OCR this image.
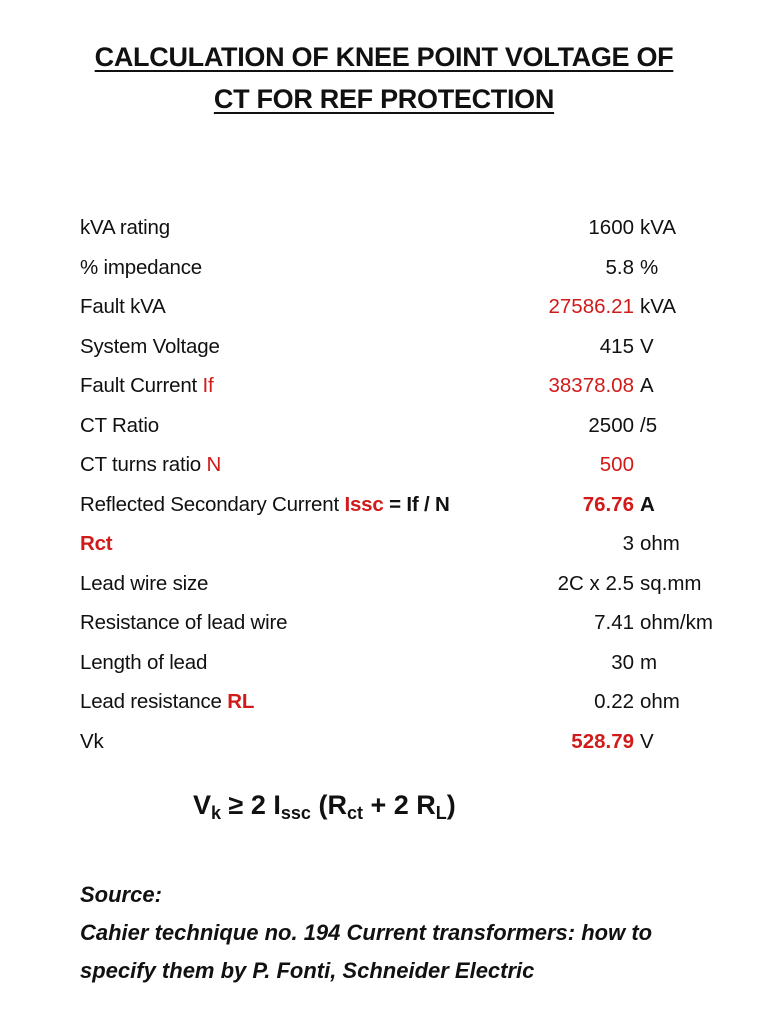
CALCULATION OF KNEE POINT VOLTAGE OF
CT FOR REF PROTECTION
kVA rating	1600 kVA
% impedance	5.8 %
Fault kVA	27586.21 kVA
System Voltage	415 V
Fault Current If	38378.08 A
CT Ratio	2500 /5
CT turns ratio N	500
Reflected Secondary Current Issc = If / N	76.76 A
Rct	3 ohm
Lead wire size	2C x 2.5 sq.mm
Resistance of lead wire	7.41 ohm/km
Length of lead	30 m
Lead resistance RL	0.22 ohm
Vk	528.79 V
$V_k \ge 2$ $I_{ssc}$ ($R_{ct} + 2$ $R_L$)
Source:
Cahier technique no. 194 Current transformers: how to
specify them by P. Fonti, Schneider Electric
